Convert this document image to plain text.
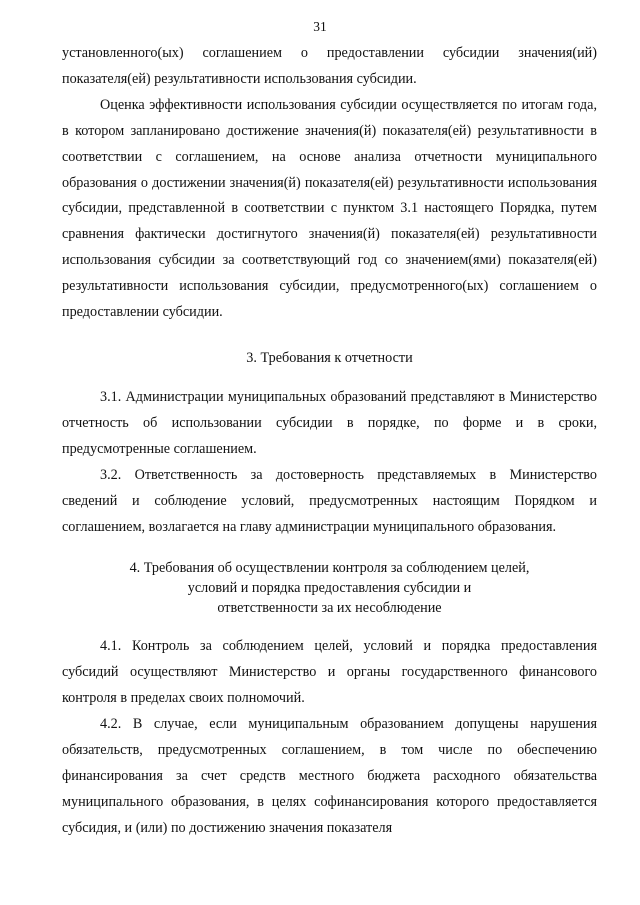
31

установленного(ых) соглашением о предоставлении субсидии значения(ий) показателя(ей) результативности использования субсидии.

Оценка эффективности использования субсидии осуществляется по итогам года, в котором запланировано достижение значения(й) показателя(ей) результативности в соответствии с соглашением, на основе анализа отчетности муниципального образования о достижении значения(й) показателя(ей) результативности использования субсидии, представленной в соответствии с пунктом 3.1 настоящего Порядка, путем сравнения фактически достигнутого значения(й) показателя(ей) результативности использования субсидии за соответствующий год со значением(ями) показателя(ей) результативности использования субсидии, предусмотренного(ых) соглашением о предоставлении субсидии.

3. Требования к отчетности

3.1. Администрации муниципальных образований представляют в Министерство отчетность об использовании субсидии в порядке, по форме и в сроки, предусмотренные соглашением.

3.2. Ответственность за достоверность представляемых в Министерство сведений и соблюдение условий, предусмотренных настоящим Порядком и соглашением, возлагается на главу администрации муниципального образования.

4. Требования об осуществлении контроля за соблюдением целей,

условий и порядка предоставления субсидии и

ответственности за их несоблюдение

4.1. Контроль за соблюдением целей, условий и порядка предоставления субсидий осуществляют Министерство и органы государственного финансового контроля в пределах своих полномочий.

4.2. В случае, если муниципальным образованием допущены нарушения обязательств, предусмотренных соглашением, в том числе по обеспечению финансирования за счет средств местного бюджета расходного обязательства муниципального образования, в целях софинансирования которого предоставляется субсидия, и (или) по достижению значения показателя
